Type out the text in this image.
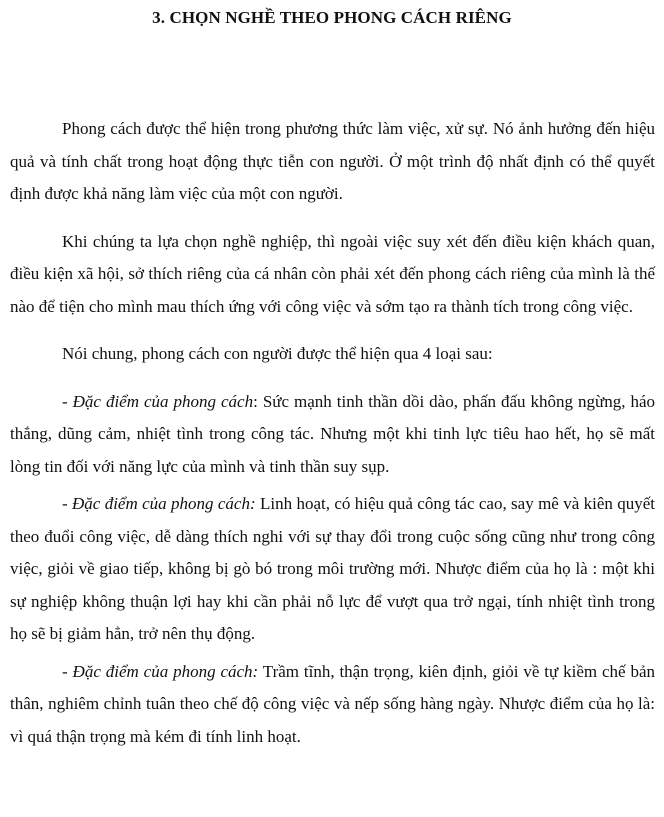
3. CHỌN NGHỀ THEO PHONG CÁCH RIÊNG

Phong cách được thể hiện trong phương thức làm việc, xử sự. Nó ảnh hưởng đến hiệu quả và tính chất trong hoạt động thực tiễn con người. Ở một trình độ nhất định có thể quyết định được khả năng làm việc của một con người.

Khi chúng ta lựa chọn nghề nghiệp, thì ngoài việc suy xét đến điều kiện khách quan, điều kiện xã hội, sở thích riêng của cá nhân còn phải xét đến phong cách riêng của mình là thế nào để tiện cho mình mau thích ứng với công việc và sớm tạo ra thành tích trong công việc.

Nói chung, phong cách con người được thể hiện qua 4 loại sau:

- Đặc điểm của phong cách: Sức mạnh tinh thần dồi dào, phấn đấu không ngừng, háo thắng, dũng cảm, nhiệt tình trong công tác. Nhưng một khi tinh lực tiêu hao hết, họ sẽ mất lòng tin đối với năng lực của mình và tinh thần suy sụp.

- Đặc điểm của phong cách: Linh hoạt, có hiệu quả công tác cao, say mê và kiên quyết theo đuổi công việc, dễ dàng thích nghi với sự thay đổi trong cuộc sống cũng như trong công việc, giỏi về giao tiếp, không bị gò bó trong môi trường mới. Nhược điểm của họ là : một khi sự nghiệp không thuận lợi hay khi cần phải nỗ lực để vượt qua trở ngại, tính nhiệt tình trong họ sẽ bị giảm hẳn, trở nên thụ động.

- Đặc điểm của phong cách: Trầm tĩnh, thận trọng, kiên định, giỏi về tự kiềm chế bản thân, nghiêm chỉnh tuân theo chế độ công việc và nếp sống hàng ngày. Nhược điểm của họ là: vì quá thận trọng mà kém đi tính linh hoạt.
